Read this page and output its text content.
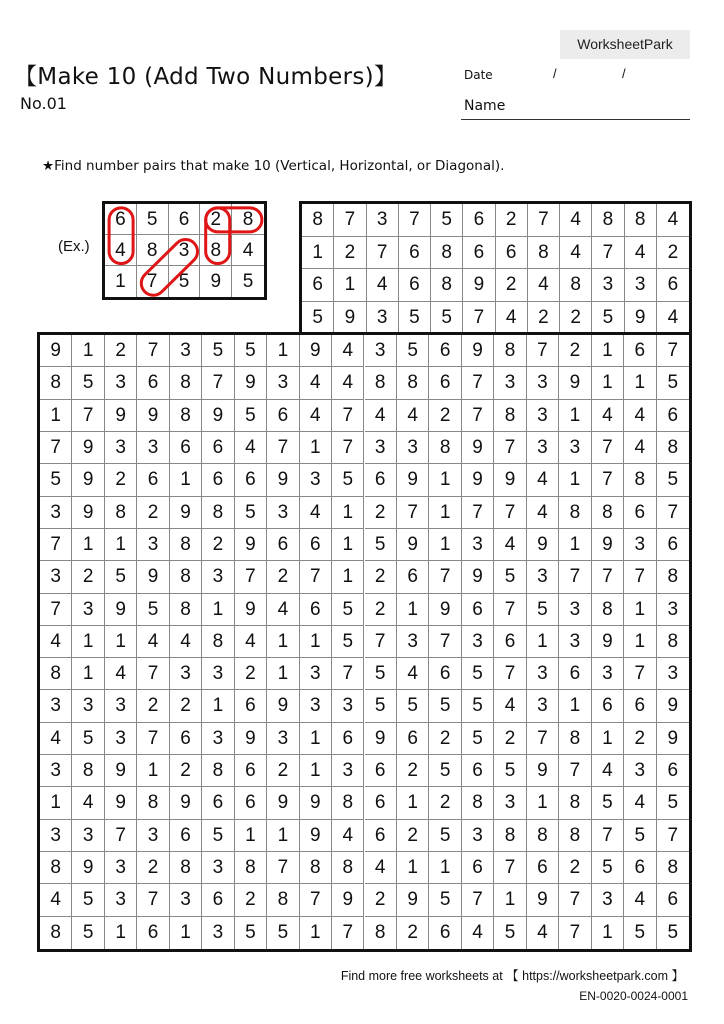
WorksheetPark
【Make 10 (Add Two Numbers)】
No.01
Date	/	/
Name
★Find number pairs that make 10 (Vertical, Horizontal, or Diagonal).
(Ex.)
6	5	6	2	8
4	8	3	8	4
1	7	5	9	5
8	7	3	7	5	6	2	7	4	8	8	4
1	2	7	6	8	6	6	8	4	7	4	2
6	1	4	6	8	9	2	4	8	3	3	6
5	9	3	5	5	7	4	2	2	5	9	4
9	1	2	7	3	5	5	1	9	4	3	5	6	9	8	7	2	1	6	7
8	5	3	6	8	7	9	3	4	4	8	8	6	7	3	3	9	1	1	5
1	7	9	9	8	9	5	6	4	7	4	4	2	7	8	3	1	4	4	6
7	9	3	3	6	6	4	7	1	7	3	3	8	9	7	3	3	7	4	8
5	9	2	6	1	6	6	9	3	5	6	9	1	9	9	4	1	7	8	5
3	9	8	2	9	8	5	3	4	1	2	7	1	7	7	4	8	8	6	7
7	1	1	3	8	2	9	6	6	1	5	9	1	3	4	9	1	9	3	6
3	2	5	9	8	3	7	2	7	1	2	6	7	9	5	3	7	7	7	8
7	3	9	5	8	1	9	4	6	5	2	1	9	6	7	5	3	8	1	3
4	1	1	4	4	8	4	1	1	5	7	3	7	3	6	1	3	9	1	8
8	1	4	7	3	3	2	1	3	7	5	4	6	5	7	3	6	3	7	3
3	3	3	2	2	1	6	9	3	3	5	5	5	5	4	3	1	6	6	9
4	5	3	7	6	3	9	3	1	6	9	6	2	5	2	7	8	1	2	9
3	8	9	1	2	8	6	2	1	3	6	2	5	6	5	9	7	4	3	6
1	4	9	8	9	6	6	9	9	8	6	1	2	8	3	1	8	5	4	5
3	3	7	3	6	5	1	1	9	4	6	2	5	3	8	8	8	7	5	7
8	9	3	2	8	3	8	7	8	8	4	1	1	6	7	6	2	5	6	8
4	5	3	7	3	6	2	8	7	9	2	9	5	7	1	9	7	3	4	6
8	5	1	6	1	3	5	5	1	7	8	2	6	4	5	4	7	1	5	5
Find more free worksheets at 【 https://worksheetpark.com 】
EN-0020-0024-0001
